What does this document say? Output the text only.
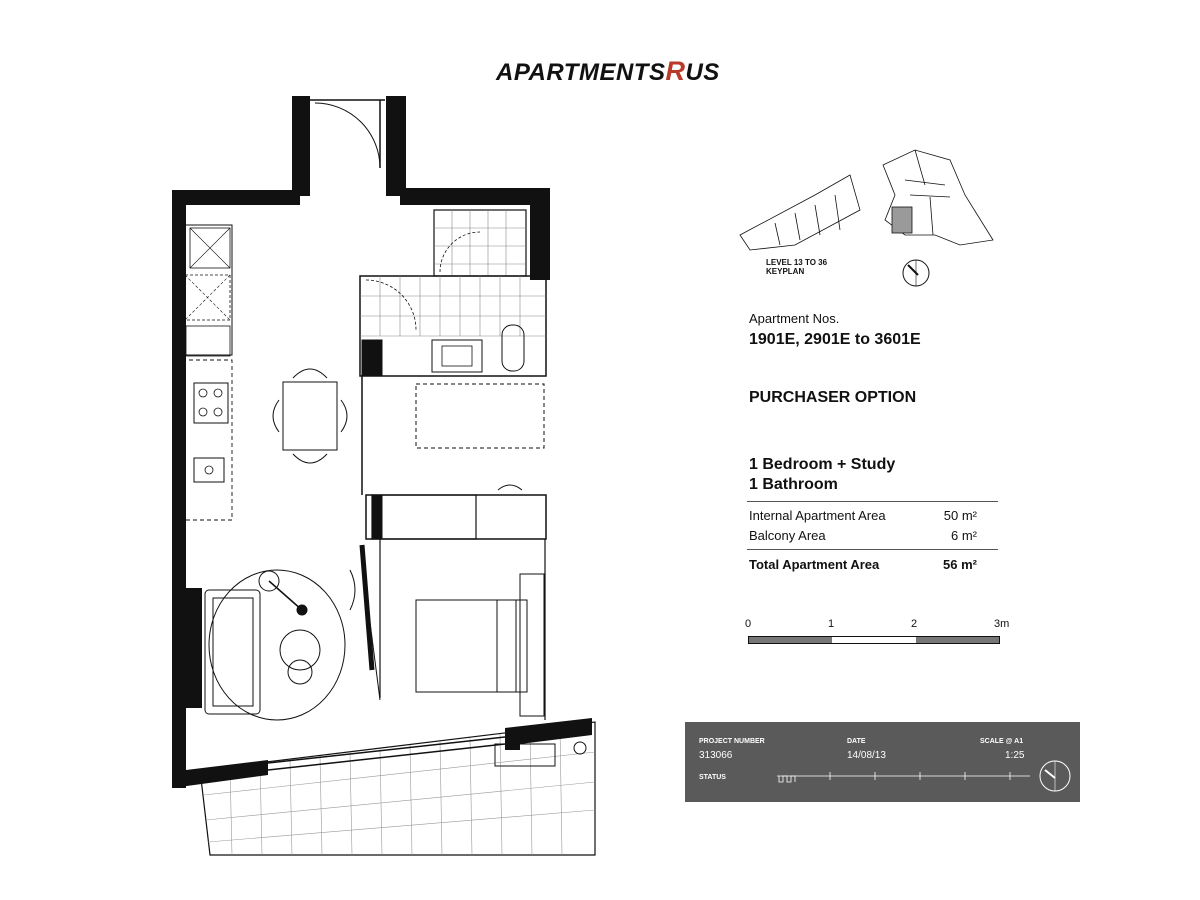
APARTMENTSRUS
LEVEL 13 TO 36
KEYPLAN
Apartment Nos.
1901E, 2901E to 3601E
PURCHASER OPTION
1 Bedroom + Study
1 Bathroom
Internal Apartment Area	50 m²
Balcony Area	6 m²
Total Apartment Area	56 m²
0	1	2	3m
PROJECT NUMBER
313066
STATUS
DATE
14/08/13
SCALE @ A1
1:25
